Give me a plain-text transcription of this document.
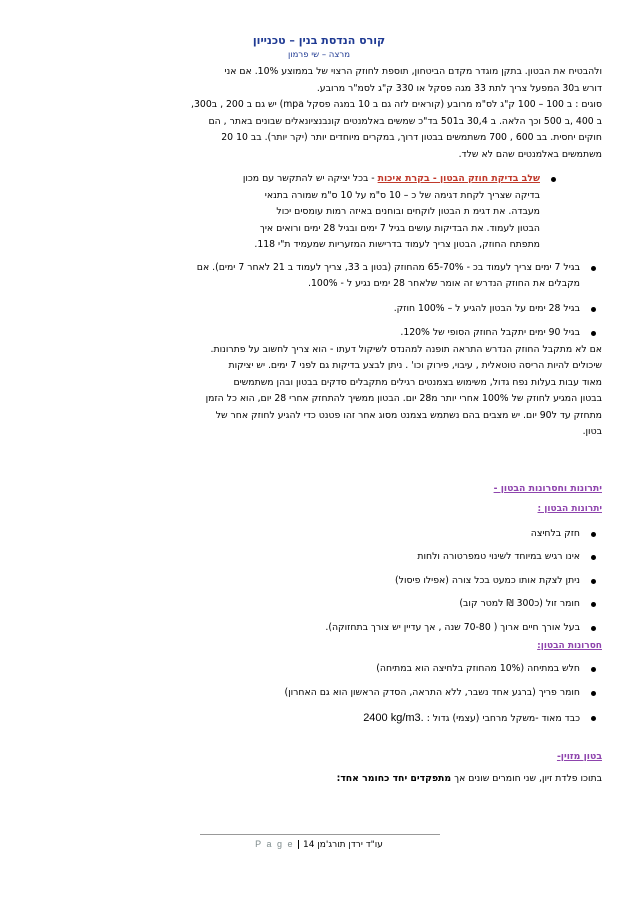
קורס הנדסת בנין – טכנייון
מרצה – שי פרמון
ולהבטיח את הבטון. בתקן מוגדר מקדם הביטחון, תוספת לחוזק הרצוי של בממוצע 10%. אם אני
דורש ב30 המפעל צריך לתת 33 מגה פסקל או 330 ק"ג לסמ"ר מרובע.
סוגים : ב 100 – 100 ק"ג לס"מ מרובע (קוראים לזה גם ב 10 במגה פסקל mpa) יש גם ב 200 , ב300,
ב 400 ,ב 500 וכך הלאה. ב 30,4 ב501 בד"כ שמשים באלמנטים קונבנציונאלים שבונים באתר , הם
חוקים יחסית. בב 600 , 700 משתמשים בבטון דרוך, במקרים מיוחדים יותר (יקר יותר). בב 10 20
משתמשים באלמנטים שהם לא שלד.
שלב בדיקת חוזק הבטון - בקרת איכות - בכל יציקה יש להתקשר עם מכון
בדיקה שצריך לקחת דגימה של כ – 10 ס"מ על 10 ס"מ שמורה בתנאי
מעבדה. את דגימ ת הבטון לוקחים ובוחנים באיזה רמות עומסים יכול
הבטון לעמוד. את הבדיקות עושים בגיל 7 ימים ובגיל 28 ימים ורואים איך
מתפתח החוזק, הבטון צריך לעמוד בדרישות המזעריות שמעמיד ת"י 118.
בגיל 7 ימים צריך לעמוד בכ - 65-70% מהחוזק (בטון ב 33, צריך לעמוד ב 21 לאחר 7 ימים). אם
מקבלים את החוזק הנדרש זה אומר שלאחר 28 ימים נגיע ל - 100%.
בגיל 28 ימים על הבטון להגיע ל – 100% חוזק.
בגיל 90 ימים יתקבל החוזק הסופי של 120%.
אם לא מתקבל החוזק הנדרש התראה תופנה למהנדס לשיקול דעתו - הוא צריך לחשוב על פתרונות.
שיכולים להיות הריסה טוטאלית , עיבוי, פירוק וכו' . ניתן לבצע בדיקות גם לפני 7 ימים. יש יציקות
מאוד עבות בעלות נפח גדול, משימוש בצמנטים רגילים מתקבלים סדקים בבטון ובהן משתמשים
בבטון המגיע לחוזק של 100% אחרי יותר מ28 יום. הבטון ממשיך להתחזק אחרי 28 יום, הוא כל הזמן
מתחזק עד ל90 יום. יש מצבים בהם נשתמש בצמנט מסוג אחר זהו פטנט כדי להגיע לחוזק אחר של
בטון.
יתרונות וחסרונות הבטון -
יתרונות הבטון :
חזק בלחיצה
אינו רגיש במיוחד לשינוי טמפרטורה ולחות
ניתן לצקת אותו כמעט בכל צורה (אפילו פיסול)
חומר זול (כ300 ₪ למטר קוב)
בעל אורך חיים ארוך ( 70-80 שנה , אך עדיין יש צורך בתחזוקה).
חסרונות הבטון:
חלש במתיחה (10% מהחוזק בלחיצה הוא במתיחה)
חומר פריך (ברגע אחד נשבר, ללא התראה, הסדק הראשון הוא גם האחרון)
כבד מאוד -משקל מרחבי (עצמי) גדול : 2400 kg/m3.
בטון מזוין-
בתוכו פלדת זיון, שני חומרים שונים אך מתפקדים יחד כחומר אחד:
עו"ד ירדן תורג'מן 14 | P a g e
